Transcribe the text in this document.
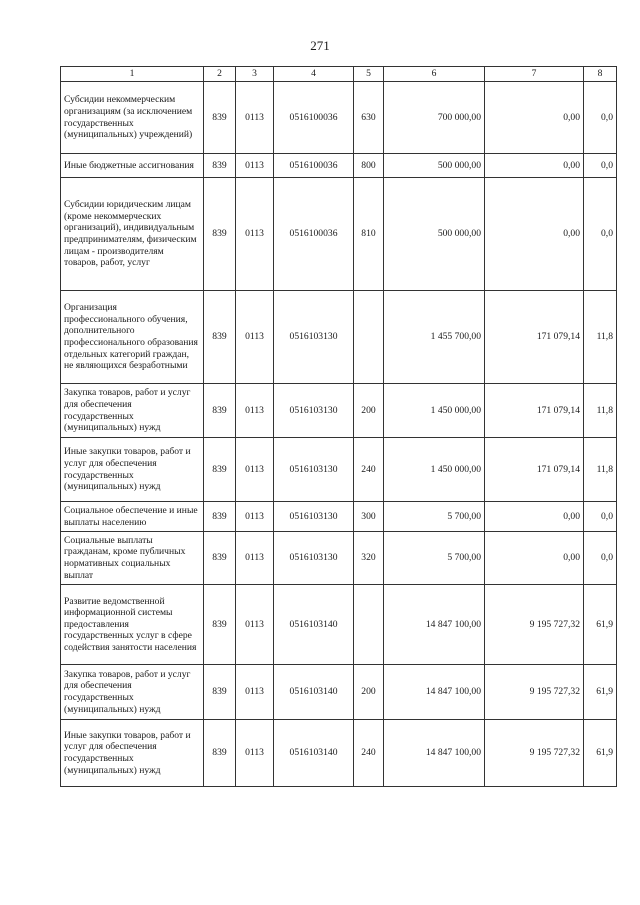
271
1	2	3	4	5	6	7	8
Субсидии некоммерческим организациям (за исключением государственных (муниципальных) учреждений)	839	0113	0516100036	630	700 000,00	0,00	0,0
Иные бюджетные ассигнования	839	0113	0516100036	800	500 000,00	0,00	0,0
Субсидии юридическим лицам (кроме некоммерческих организаций), индивидуальным предпринимателям, физическим лицам - производителям товаров, работ, услуг	839	0113	0516100036	810	500 000,00	0,00	0,0
Организация профессионального обучения, дополнительного профессионального образования отдельных категорий граждан, не являющихся безработными	839	0113	0516103130		1 455 700,00	171 079,14	11,8
Закупка товаров, работ и услуг для обеспечения государственных (муниципальных) нужд	839	0113	0516103130	200	1 450 000,00	171 079,14	11,8
Иные закупки товаров, работ и услуг для обеспечения государственных (муниципальных) нужд	839	0113	0516103130	240	1 450 000,00	171 079,14	11,8
Социальное обеспечение и иные выплаты населению	839	0113	0516103130	300	5 700,00	0,00	0,0
Социальные выплаты гражданам, кроме публичных нормативных социальных выплат	839	0113	0516103130	320	5 700,00	0,00	0,0
Развитие ведомственной информационной системы предоставления государственных услуг в сфере содействия занятости населения	839	0113	0516103140		14 847 100,00	9 195 727,32	61,9
Закупка товаров, работ и услуг для обеспечения государственных (муниципальных) нужд	839	0113	0516103140	200	14 847 100,00	9 195 727,32	61,9
Иные закупки товаров, работ и услуг для обеспечения государственных (муниципальных) нужд	839	0113	0516103140	240	14 847 100,00	9 195 727,32	61,9
